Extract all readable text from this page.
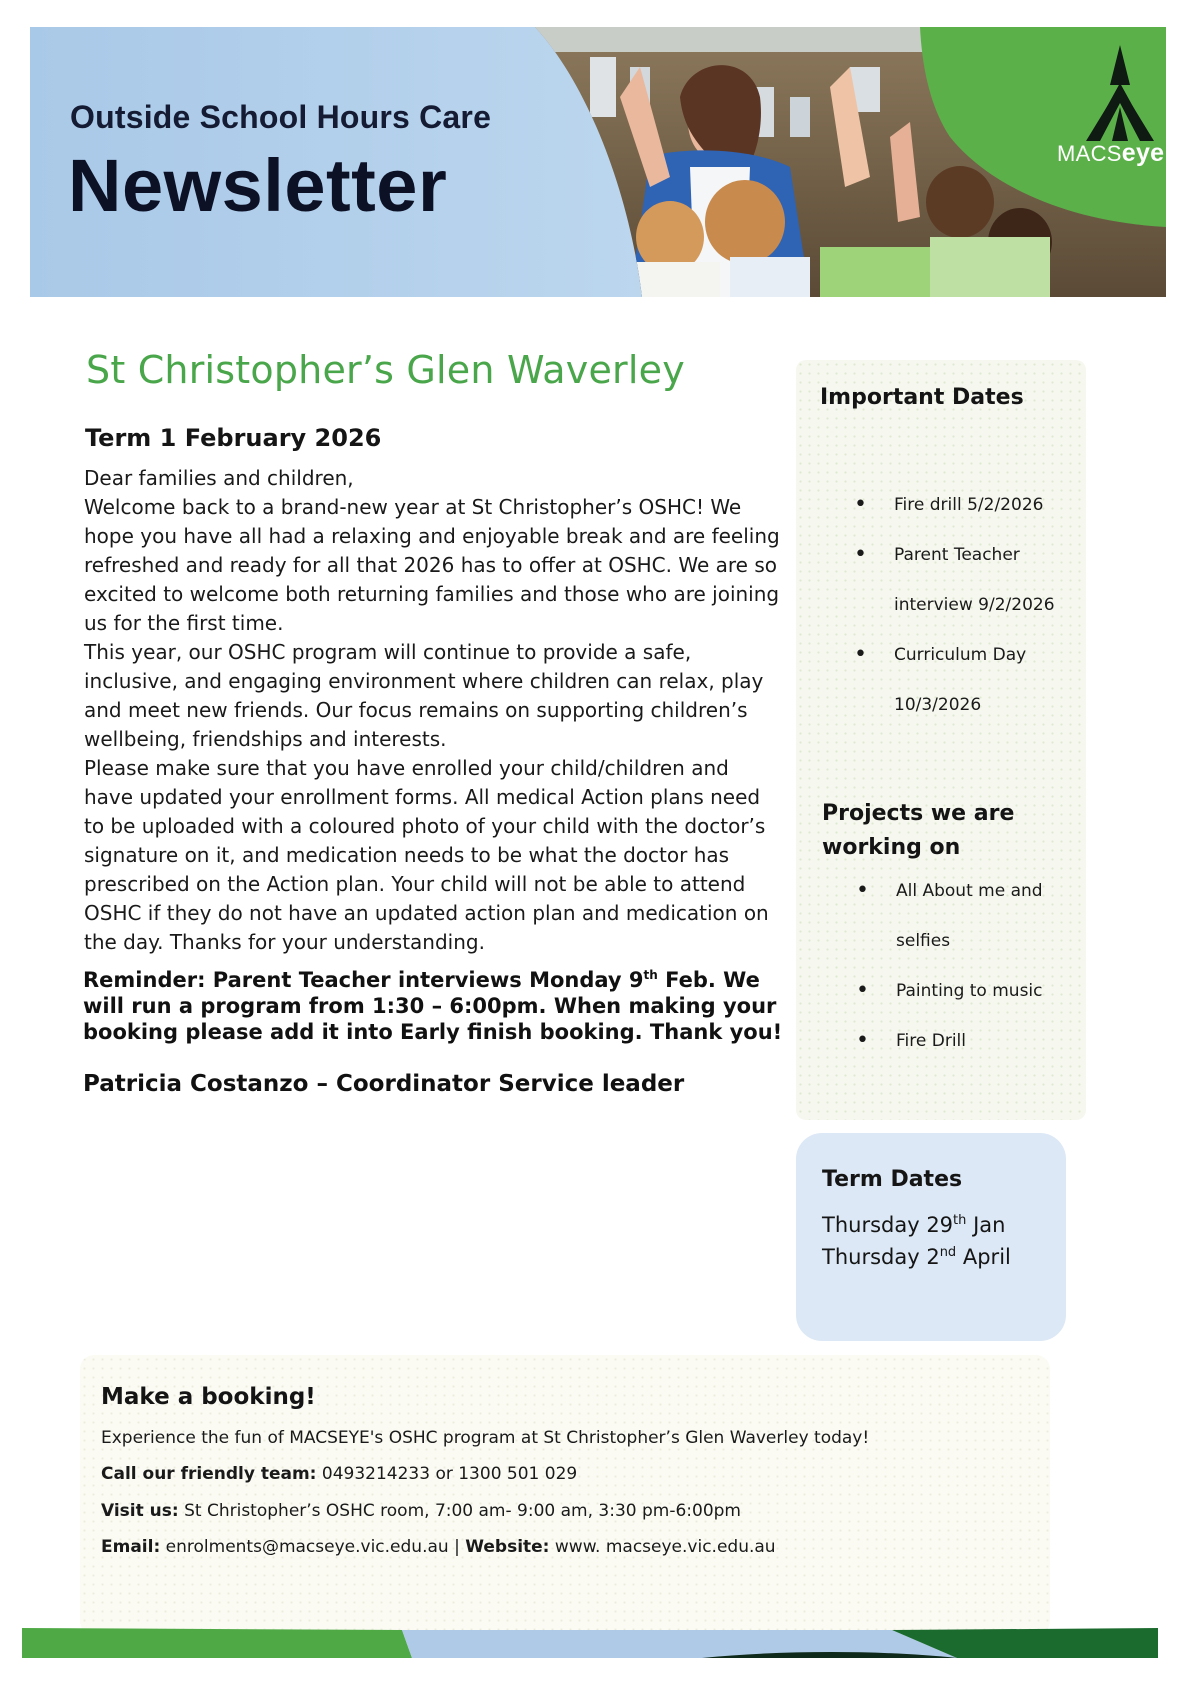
Outside School Hours Care
Newsletter	MACSeye
St Christopher’s Glen Waverley
Term 1 February 2026

Dear families and children,

Welcome back to a brand-new year at St Christopher’s OSHC! We hope you have all had a relaxing and enjoyable break and are feeling refreshed and ready for all that 2026 has to offer at OSHC. We are so excited to welcome both returning families and those who are joining us for the first time.

This year, our OSHC program will continue to provide a safe, inclusive, and engaging environment where children can relax, play and meet new friends. Our focus remains on supporting children’s wellbeing, friendships and interests.

Please make sure that you have enrolled your child/children and have updated your enrollment forms. All medical Action plans need to be uploaded with a coloured photo of your child with the doctor’s signature on it, and medication needs to be what the doctor has prescribed on the Action plan. Your child will not be able to attend OSHC if they do not have an updated action plan and medication on the day. Thanks for your understanding.

Reminder: Parent Teacher interviews Monday 9th Feb. We will run a program from 1:30 – 6:00pm. When making your booking please add it into Early finish booking. Thank you!
Patricia Costanzo – Coordinator Service leader
Important Dates
•	Fire drill 5/2/2026
•	Parent Teacher
interview 9/2/2026
•	Curriculum Day
10/3/2026
Projects we are
working on
•	All About me and
selfies
•	Painting to music
•	Fire Drill
Term Dates
Thursday 29th Jan
Thursday 2nd April
Make a booking!
Experience the fun of MACSEYE's OSHC program at St Christopher’s Glen Waverley today!
Call our friendly team: 0493214233 or 1300 501 029
Visit us: St Christopher’s OSHC room, 7:00 am- 9:00 am, 3:30 pm-6:00pm
Email: enrolments@macseye.vic.edu.au | Website: www. macseye.vic.edu.au
